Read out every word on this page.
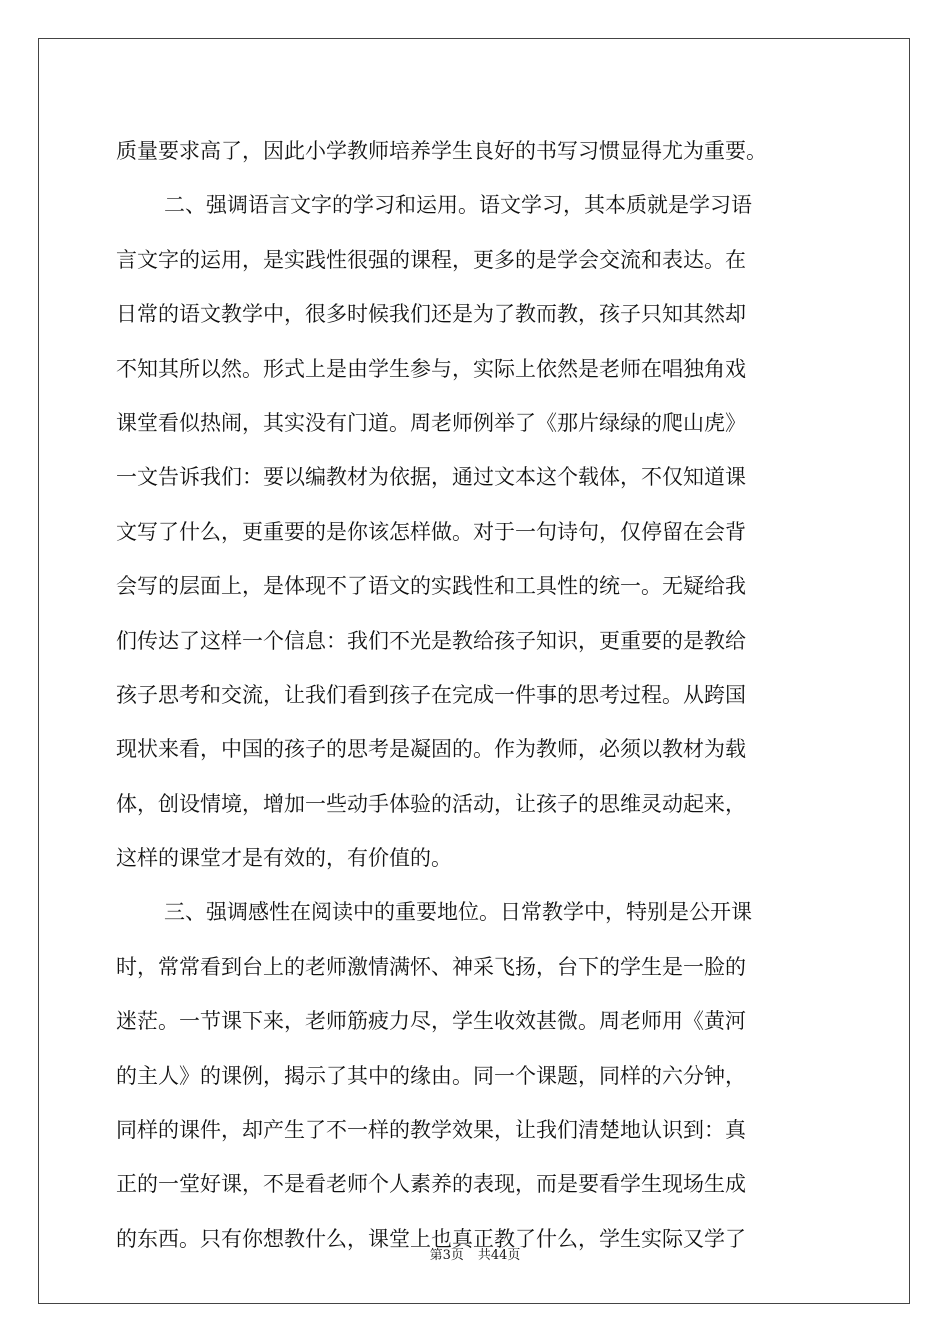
质量要求高了，因此小学教师培养学生良好的书写习惯显得尤为重要。
二、强调语言文字的学习和运用。语文学习，其本质就是学习语
言文字的运用，是实践性很强的课程，更多的是学会交流和表达。在
日常的语文教学中，很多时候我们还是为了教而教，孩子只知其然却
不知其所以然。形式上是由学生参与，实际上依然是老师在唱独角戏
课堂看似热闹，其实没有门道。周老师例举了《那片绿绿的爬山虎》
一文告诉我们：要以编教材为依据，通过文本这个载体，不仅知道课
文写了什么，更重要的是你该怎样做。对于一句诗句，仅停留在会背
会写的层面上，是体现不了语文的实践性和工具性的统一。无疑给我
们传达了这样一个信息：我们不光是教给孩子知识，更重要的是教给
孩子思考和交流，让我们看到孩子在完成一件事的思考过程。从跨国
现状来看，中国的孩子的思考是凝固的。作为教师，必须以教材为载
体，创设情境，增加一些动手体验的活动，让孩子的思维灵动起来，
这样的课堂才是有效的，有价值的。
三、强调感性在阅读中的重要地位。日常教学中，特别是公开课
时，常常看到台上的老师激情满怀、神采飞扬，台下的学生是一脸的
迷茫。一节课下来，老师筋疲力尽，学生收效甚微。周老师用《黄河
的主人》的课例，揭示了其中的缘由。同一个课题，同样的六分钟，
同样的课件，却产生了不一样的教学效果，让我们清楚地认识到：真
正的一堂好课，不是看老师个人素养的表现，而是要看学生现场生成
的东西。只有你想教什么，课堂上也真正教了什么，学生实际又学了
第3页 共44页
